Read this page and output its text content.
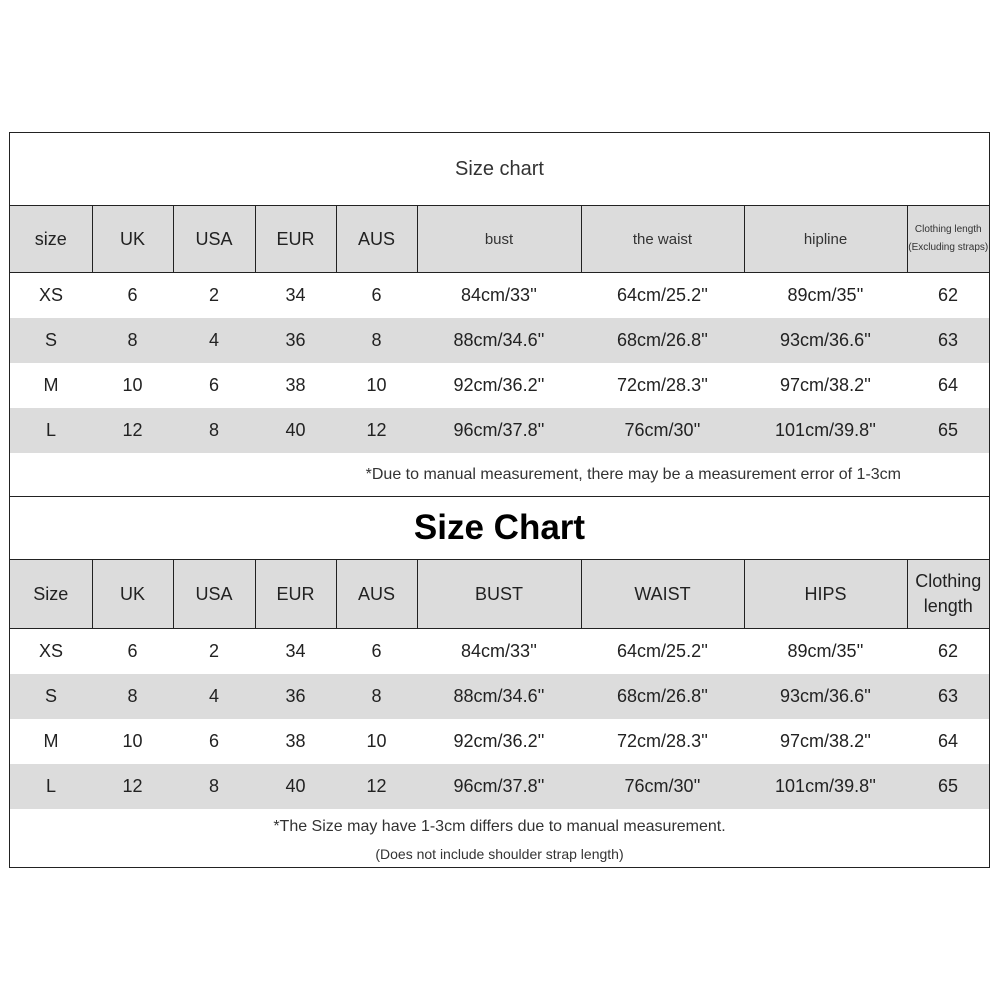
Size chart
size	UK	USA	EUR	AUS	bust	the waist	hipline	Clothing length
(Excluding straps)

XS	6	2	34	6	84cm/33''	64cm/25.2''	89cm/35''	62
S	8	4	36	8	88cm/34.6''	68cm/26.8''	93cm/36.6''	63
M	10	6	38	10	92cm/36.2''	72cm/28.3''	97cm/38.2''	64
L	12	8	40	12	96cm/37.8''	76cm/30''	101cm/39.8''	65
*Due to manual measurement, there may be a measurement error of 1-3cm
Size Chart
Size	UK	USA	EUR	AUS	BUST	WAIST	HIPS	Clothing
length

XS	6	2	34	6	84cm/33''	64cm/25.2''	89cm/35''	62
S	8	4	36	8	88cm/34.6''	68cm/26.8''	93cm/36.6''	63
M	10	6	38	10	92cm/36.2''	72cm/28.3''	97cm/38.2''	64
L	12	8	40	12	96cm/37.8''	76cm/30''	101cm/39.8''	65
*The Size may have 1-3cm differs due to manual measurement.
(Does not include shoulder strap length)
